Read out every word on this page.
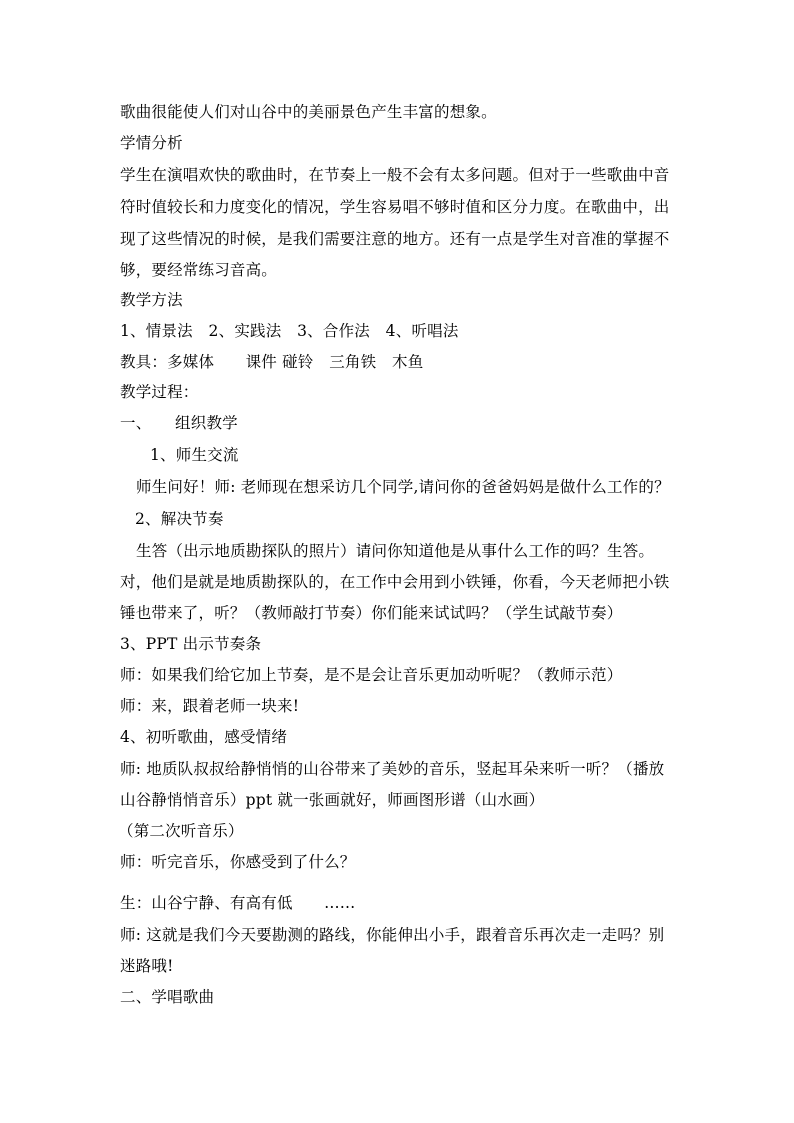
歌曲很能使人们对山谷中的美丽景色产生丰富的想象。
学情分析
学生在演唱欢快的歌曲时，在节奏上一般不会有太多问题。但对于一些歌曲中音
符时值较长和力度变化的情况，学生容易唱不够时值和区分力度。在歌曲中，出
现了这些情况的时候，是我们需要注意的地方。还有一点是学生对音准的掌握不
够，要经常练习音高。
教学方法
1、情景法　2、实践法　3、合作法　4、听唱法
教具：多媒体　　课件 碰铃　三角铁　木鱼
教学过程：
一、　　组织教学
1、师生交流
师生问好！师: 老师现在想采访几个同学,请问你的爸爸妈妈是做什么工作的？
2、解决节奏
生答（出示地质勘探队的照片）请问你知道他是从事什么工作的吗？生答。
对，他们是就是地质勘探队的，在工作中会用到小铁锤，你看，今天老师把小铁
锤也带来了，听？（教师敲打节奏）你们能来试试吗？（学生试敲节奏）
3、PPT 出示节奏条
师：如果我们给它加上节奏，是不是会让音乐更加动听呢？（教师示范）
师：来，跟着老师一块来!
4、初听歌曲，感受情绪
师: 地质队叔叔给静悄悄的山谷带来了美妙的音乐，竖起耳朵来听一听？（播放
山谷静悄悄音乐）ppt 就一张画就好，师画图形谱（山水画）
（第二次听音乐）
师：听完音乐，你感受到了什么？
生：山谷宁静、有高有低　　……
师: 这就是我们今天要勘测的路线，你能伸出小手，跟着音乐再次走一走吗？别
迷路哦!
二、学唱歌曲
